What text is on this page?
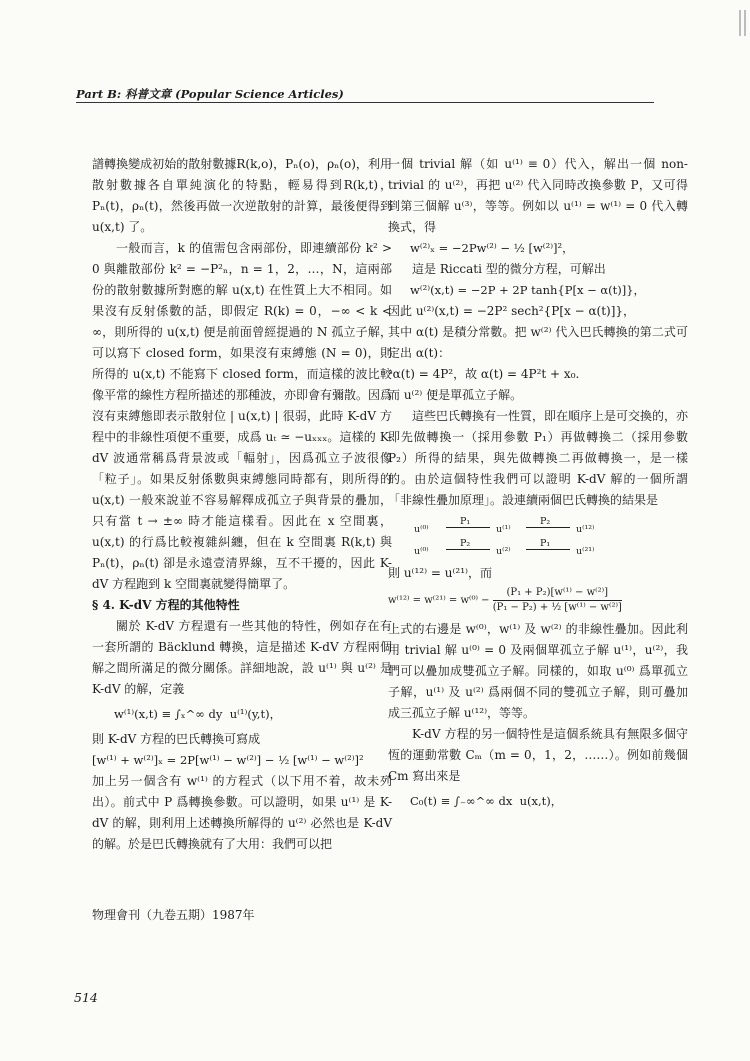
Part B: 科普文章 (Popular Science Articles)

譜轉換變成初始的散射數據R(k,o)，Pₙ(o)，ρₙ(o)，利用散射數據各自單純演化的特點，輕易得到R(k,t)，Pₙ(t)，ρₙ(t)，然後再做一次逆散射的計算，最後便得到 u(x,t) 了。

一般而言，k 的值需包含兩部份，即連續部份 k² > 0 與離散部份 k² = −P²ₙ，n = 1，2，…，N，這兩部份的散射數據所對應的解 u(x,t) 在性質上大不相同。如果沒有反射係數的話，即假定 R(k) = 0，−∞ < k < ∞，則所得的 u(x,t) 便是前面曾經提過的 N 孤立子解，可以寫下 closed form，如果沒有束縛態 (N = 0)，則所得的 u(x,t) 不能寫下 closed form，而這樣的波比較像平常的線性方程所描述的那種波，亦即會有彌散。因爲沒有束縛態即表示散射位 | u(x,t) | 很弱，此時 K-dV 方程中的非線性項便不重要，成爲 uₜ ≃ −uₓₓₓ。這樣的 K-dV 波通常稱爲背景波或「輻射」，因爲孤立子波很像「粒子」。如果反射係數與束縛態同時都有，則所得的 u(x,t) 一般來說並不容易解釋成孤立子與背景的疊加，只有當 t → ±∞ 時才能這樣看。因此在 x 空間裏，u(x,t) 的行爲比較複雜糾纏，但在 k 空間裏 R(k,t) 與 Pₙ(t)，ρₙ(t) 卻是永遠壹清界線，互不干擾的，因此 K-dV 方程跑到 k 空間裏就變得簡單了。

§ 4. K-dV 方程的其他特性

關於 K-dV 方程還有一些其他的特性，例如存在有一套所謂的 Bäcklund 轉換，這是描述 K-dV 方程兩個解之間所滿足的微分關係。詳細地說，設 u⁽¹⁾ 與 u⁽²⁾ 是 K-dV 的解，定義

w⁽¹⁾(x,t) ≡ ∫ₓ^∞ dy  u⁽¹⁾(y,t)，

則 K-dV 方程的巴氏轉換可寫成

[w⁽¹⁾ + w⁽²⁾]ₓ = 2P[w⁽¹⁾ − w⁽²⁾] − ½ [w⁽¹⁾ − w⁽²⁾]²

加上另一個含有 w⁽¹⁾ 的方程式（以下用不着，故未列出）。前式中 P 爲轉換參數。可以證明，如果 u⁽¹⁾ 是 K-dV 的解，則利用上述轉換所解得的 u⁽²⁾ 必然也是 K-dV 的解。於是巴氏轉換就有了大用：我們可以把

一個 trivial 解（如 u⁽¹⁾ ≡ 0）代入，解出一個 non-trivial 的 u⁽²⁾，再把 u⁽²⁾ 代入同時改換參數 P，又可得到第三個解 u⁽³⁾，等等。例如以 u⁽¹⁾ = w⁽¹⁾ = 0 代入轉換式，得

w⁽²⁾ₓ = −2Pw⁽²⁾ − ½ [w⁽²⁾]²，

這是 Riccati 型的微分方程，可解出

w⁽²⁾(x,t) = −2P + 2P tanh{P[x − α(t)]}，

因此 u⁽²⁾(x,t) = −2P² sech²{P[x − α(t)]}，

其中 α(t) 是積分常數。把 w⁽²⁾ 代入巴氏轉換的第二式可定出 α(t)：

ᵒα(t) = 4P²，故 α(t) = 4P²t + x₀.

而 u⁽²⁾ 便是單孤立子解。

這些巴氏轉換有一性質，即在順序上是可交換的，亦即先做轉換一（採用參數 P₁）再做轉換二（採用參數 P₂）所得的結果，與先做轉換二再做轉換一，是一樣的。由於這個特性我們可以證明 K-dV 解的一個所謂「非線性疊加原理」。設連續兩個巴氏轉換的結果是

u⁽⁰⁾
P₁
u⁽¹⁾
P₂
u⁽¹²⁾
u⁽⁰⁾
P₂
u⁽²⁾
P₁
u⁽²¹⁾

則 u⁽¹²⁾ = u⁽²¹⁾，而

$w^{(12)} = w^{(21)} = w^{(0)} - \frac{\text{(P₁ + P₂)[w⁽¹⁾ − w⁽²⁾]}}{\text{(P₁ − P₂) + ½ [w⁽¹⁾ − w⁽²⁾]}}$

上式的右邊是 w⁽⁰⁾，w⁽¹⁾ 及 w⁽²⁾ 的非線性疊加。因此利用 trivial 解 u⁽⁰⁾ = 0 及兩個單孤立子解 u⁽¹⁾，u⁽²⁾，我們可以疊加成雙孤立子解。同樣的，如取 u⁽⁰⁾ 爲單孤立子解，u⁽¹⁾ 及 u⁽²⁾ 爲兩個不同的雙孤立子解，則可疊加成三孤立子解 u⁽¹²⁾，等等。

K-dV 方程的另一個特性是這個系統具有無限多個守恆的運動常數 Cₘ（m = 0，1，2，……）。例如前幾個 Cm 寫出來是

C₀(t) ≡ ∫₋∞^∞ dx  u(x,t)，

物理會刊（九卷五期）1987年
514
